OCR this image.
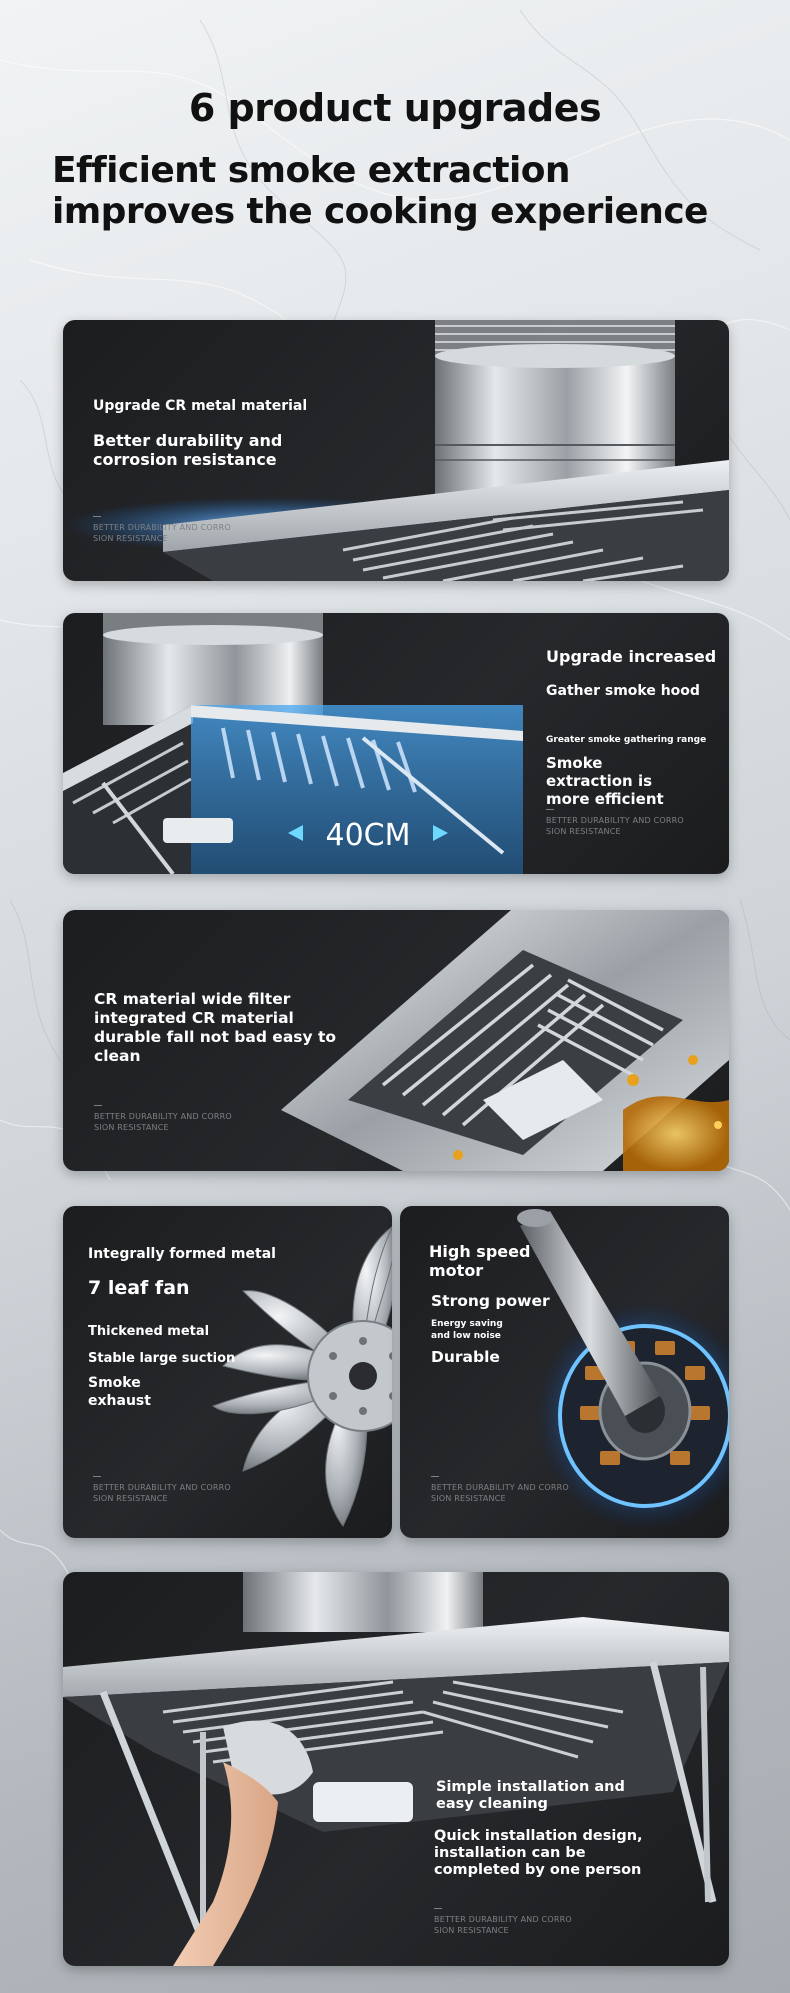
6 product upgrades
Efficient smoke extraction improves the cooking experience
Upgrade CR metal material
Better durability and corrosion resistance
BETTER DURABILITY AND CORRO
SION RESISTANCE
40CM
Upgrade increased
Gather smoke hood
Greater smoke gathering range
Smoke extraction is more efficient
BETTER DURABILITY AND CORRO
SION RESISTANCE
CR material wide filter integrated CR material durable fall not bad easy to clean
BETTER DURABILITY AND CORRO
SION RESISTANCE
Integrally formed metal
7 leaf fan
Thickened metal
Stable large suction
Smoke exhaust
BETTER DURABILITY AND CORRO
SION RESISTANCE
High speed motor
Strong power
Energy saving and low noise
Durable
BETTER DURABILITY AND CORRO
SION RESISTANCE
Simple installation and easy cleaning
Quick installation design, installation can be completed by one person
BETTER DURABILITY AND CORRO
SION RESISTANCE
